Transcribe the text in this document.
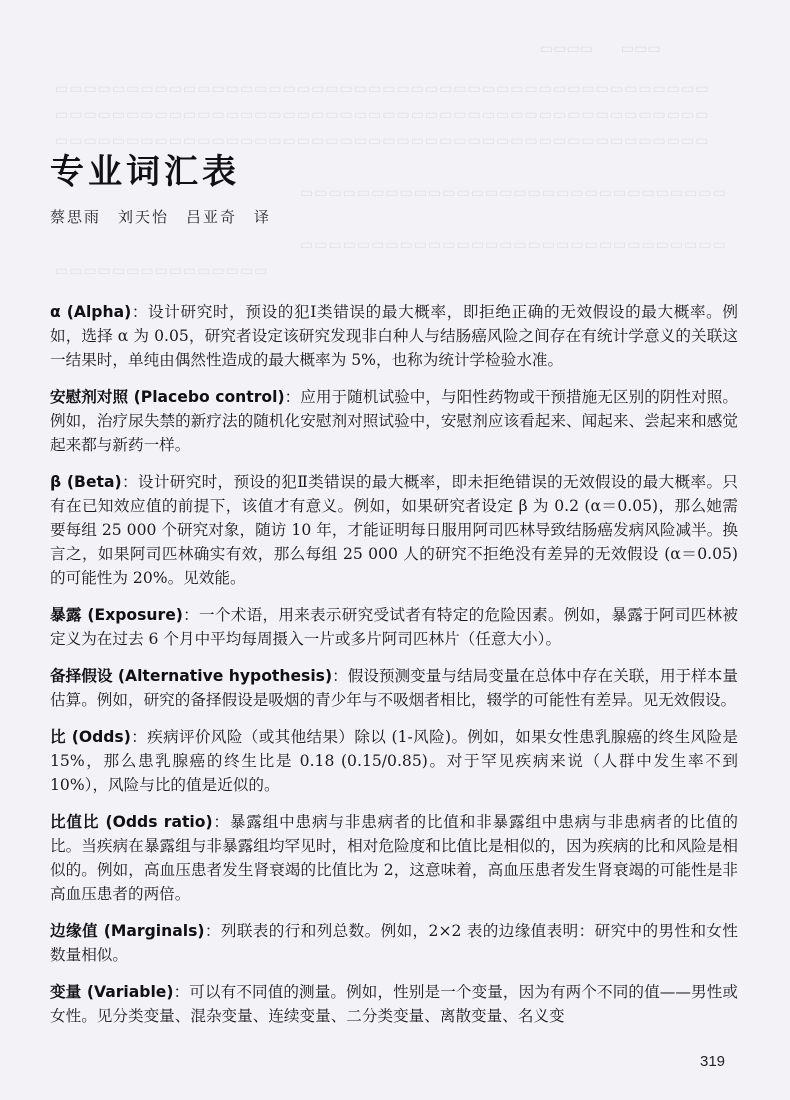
▭▭▭▭　　▭▭▭
▭▭▭▭▭▭▭▭▭▭▭▭▭▭▭▭▭▭▭▭▭▭▭▭▭▭▭▭▭▭▭▭▭▭▭▭▭▭▭▭▭▭▭▭▭▭
▭▭▭▭▭▭▭▭▭▭▭▭▭▭▭▭▭▭▭▭▭▭▭▭▭▭▭▭▭▭▭▭▭▭▭▭▭▭▭▭▭▭▭▭▭▭
▭▭▭▭▭▭▭▭▭▭▭▭▭▭▭▭▭▭▭▭▭▭▭▭▭▭▭▭▭▭▭▭▭▭▭▭▭▭▭▭▭▭▭▭▭▭
▭▭▭▭▭▭▭▭▭▭▭▭▭▭▭▭▭▭▭▭▭▭▭▭▭▭▭▭▭▭
▭▭▭▭▭▭▭▭▭▭▭▭▭▭▭▭▭▭▭▭▭▭▭▭▭▭▭▭▭▭
▭▭▭▭▭▭▭▭▭▭▭▭▭▭▭
专业词汇表
蔡思雨　刘天怡　吕亚奇　译

α (Alpha)：设计研究时，预设的犯Ⅰ类错误的最大概率，即拒绝正确的无效假设的最大概率。例如，选择 α 为 0.05，研究者设定该研究发现非白种人与结肠癌风险之间存在有统计学意义的关联这一结果时，单纯由偶然性造成的最大概率为 5%，也称为统计学检验水准。

安慰剂对照 (Placebo control)：应用于随机试验中，与阳性药物或干预措施无区别的阴性对照。例如，治疗尿失禁的新疗法的随机化安慰剂对照试验中，安慰剂应该看起来、闻起来、尝起来和感觉起来都与新药一样。

β (Beta)：设计研究时，预设的犯Ⅱ类错误的最大概率，即未拒绝错误的无效假设的最大概率。只有在已知效应值的前提下，该值才有意义。例如，如果研究者设定 β 为 0.2 (α＝0.05)，那么她需要每组 25 000 个研究对象，随访 10 年，才能证明每日服用阿司匹林导致结肠癌发病风险减半。换言之，如果阿司匹林确实有效，那么每组 25 000 人的研究不拒绝没有差异的无效假设 (α＝0.05) 的可能性为 20%。见效能。

暴露 (Exposure)：一个术语，用来表示研究受试者有特定的危险因素。例如，暴露于阿司匹林被定义为在过去 6 个月中平均每周摄入一片或多片阿司匹林片（任意大小）。

备择假设 (Alternative hypothesis)：假设预测变量与结局变量在总体中存在关联，用于样本量估算。例如，研究的备择假设是吸烟的青少年与不吸烟者相比，辍学的可能性有差异。见无效假设。

比 (Odds)：疾病评价风险（或其他结果）除以 (1-风险)。例如，如果女性患乳腺癌的终生风险是 15%，那么患乳腺癌的终生比是 0.18 (0.15/0.85)。对于罕见疾病来说（人群中发生率不到 10%），风险与比的值是近似的。

比值比 (Odds ratio)：暴露组中患病与非患病者的比值和非暴露组中患病与非患病者的比值的比。当疾病在暴露组与非暴露组均罕见时，相对危险度和比值比是相似的，因为疾病的比和风险是相似的。例如，高血压患者发生肾衰竭的比值比为 2，这意味着，高血压患者发生肾衰竭的可能性是非高血压患者的两倍。

边缘值 (Marginals)：列联表的行和列总数。例如，2×2 表的边缘值表明：研究中的男性和女性数量相似。

变量 (Variable)：可以有不同值的测量。例如，性别是一个变量，因为有两个不同的值——男性或女性。见分类变量、混杂变量、连续变量、二分类变量、离散变量、名义变

319
